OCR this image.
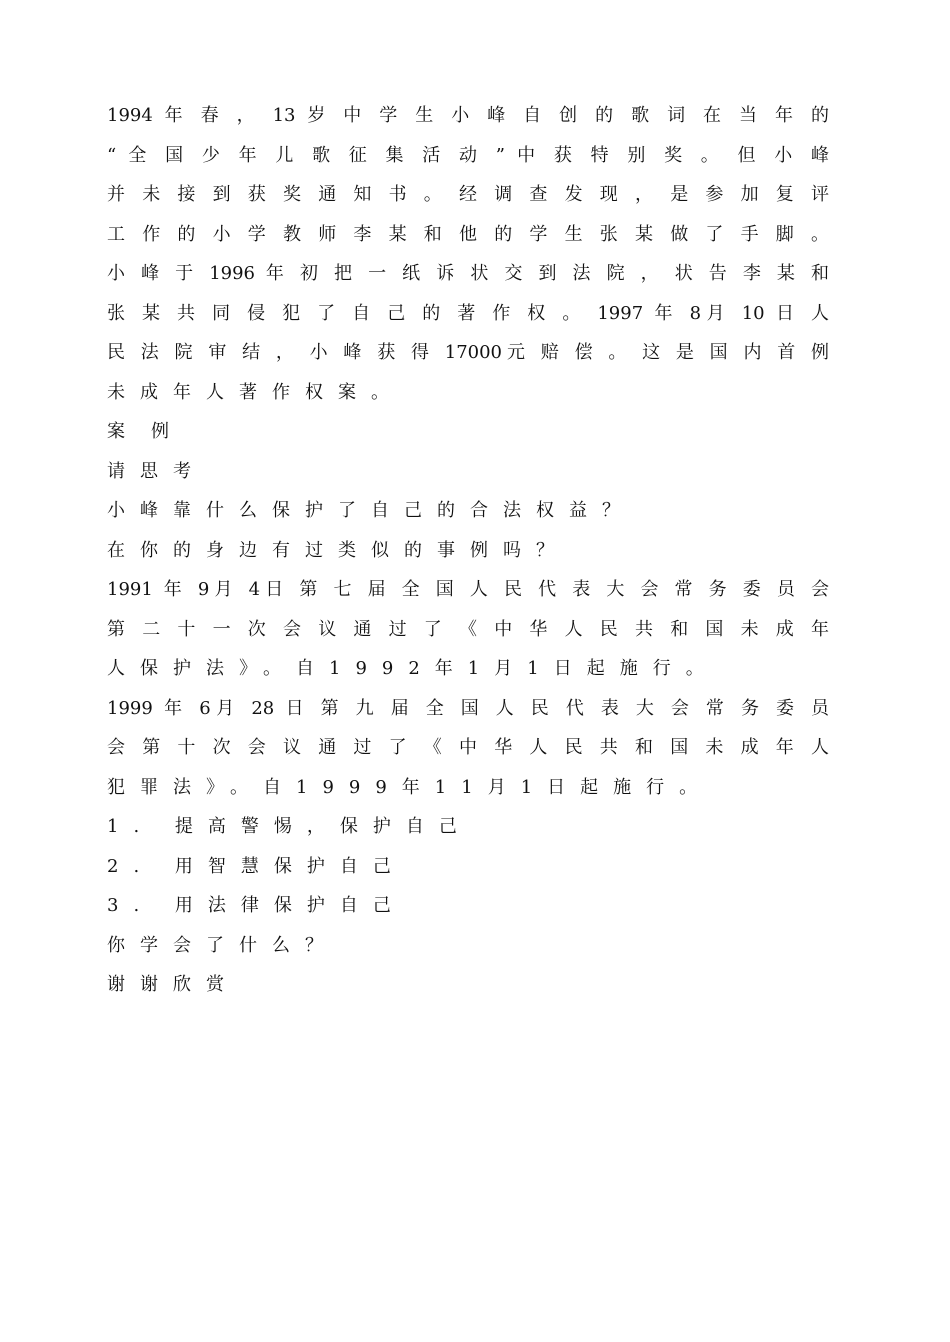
1994 年 春 ， 13 岁 中 学 生 小 峰 自 创 的 歌 词 在 当 年 的
“ 全 国 少 年 儿 歌 征 集 活 动 ” 中 获 特 别 奖 。 但 小 峰
并 未 接 到 获 奖 通 知 书 。 经 调 查 发 现 ， 是 参 加 复 评
工 作 的 小 学 教 师 李 某 和 他 的 学 生 张 某 做 了 手 脚 。
小 峰 于 1996 年 初 把 一 纸 诉 状 交 到 法 院 ， 状 告 李 某 和
张 某 共 同 侵 犯 了 自 己 的 著 作 权 。 1997 年 8月 10 日 人
民 法 院 审 结 ， 小 峰 获 得 17000元 赔 偿 。 这 是 国 内 首 例
未成年人著作权案。
案例
请思考
小峰靠什么保护了自己的合法权益？
在你的身边有过类似的事例吗？
1991 年 9月 4日 第 七 届 全 国 人 民 代 表 大 会 常 务 委 员 会
第 二 十 一 次 会 议 通 过 了 《 中 华 人 民 共 和 国 未 成 年
人保护法》。自1992年1月1日起施行。
1999 年 6月 28 日 第 九 届 全 国 人 民 代 表 大 会 常 务 委 员
会 第 十 次 会 议 通 过 了 《 中 华 人 民 共 和 国 未 成 年 人
犯罪法》。自1999年11月1日起施行。
1. 提高警惕，保护自己
2. 用智慧保护自己
3. 用法律保护自己
你学会了什么？
谢谢欣赏
